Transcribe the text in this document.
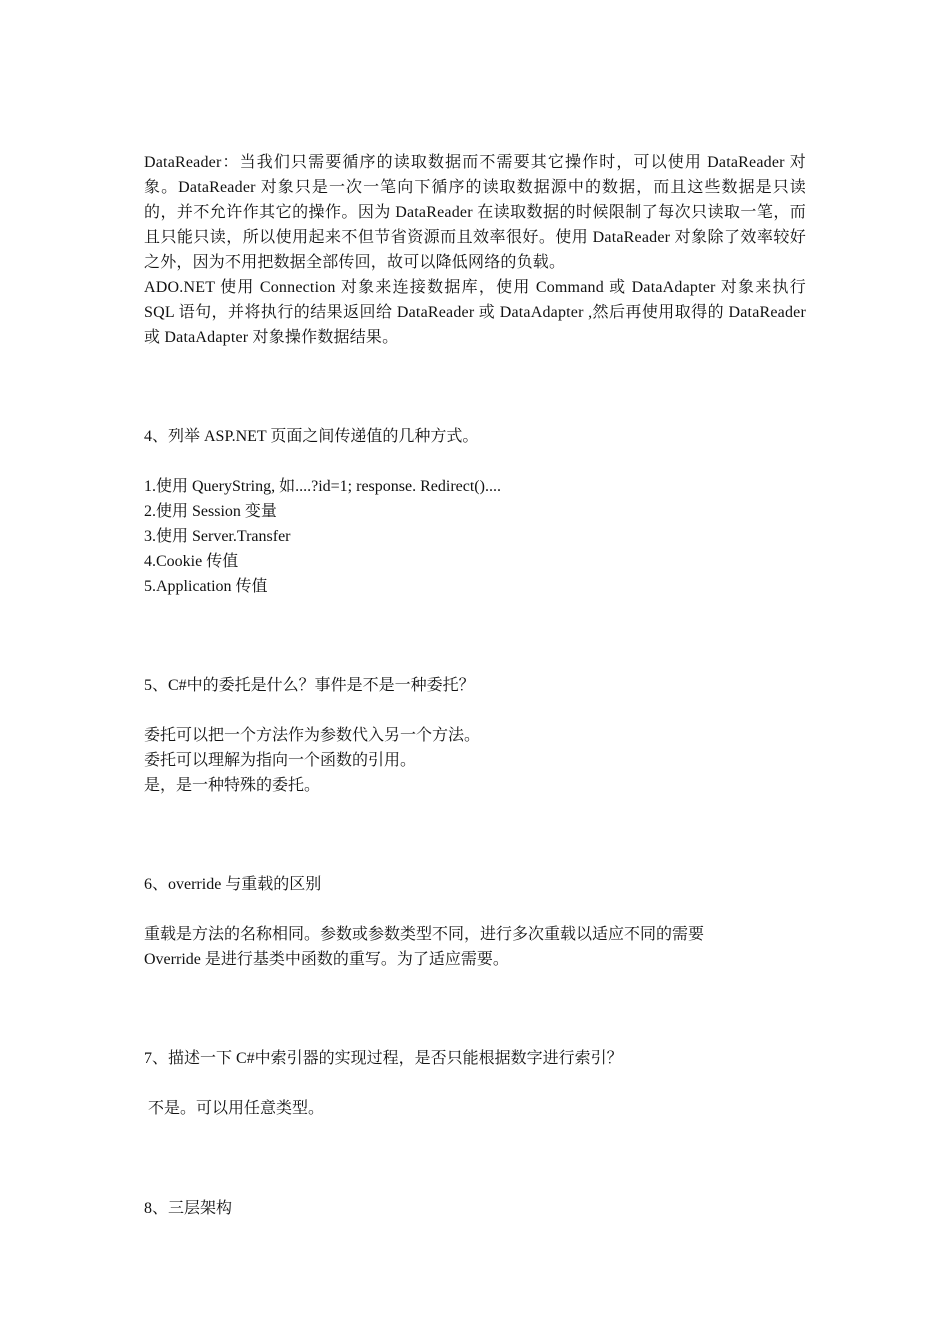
DataReader：当我们只需要循序的读取数据而不需要其它操作时，可以使用 DataReader 对象。DataReader 对象只是一次一笔向下循序的读取数据源中的数据，而且这些数据是只读的，并不允许作其它的操作。因为 DataReader 在读取数据的时候限制了每次只读取一笔，而且只能只读，所以使用起来不但节省资源而且效率很好。使用 DataReader 对象除了效率较好之外，因为不用把数据全部传回，故可以降低网络的负载。

ADO.NET 使用 Connection 对象来连接数据库，使用 Command 或 DataAdapter 对象来执行 SQL 语句，并将执行的结果返回给 DataReader 或 DataAdapter ,然后再使用取得的 DataReader 或 DataAdapter 对象操作数据结果。

4、列举 ASP.NET 页面之间传递值的几种方式。

1.使用 QueryString, 如....?id=1; response. Redirect()....
2.使用 Session 变量
3.使用 Server.Transfer
4.Cookie 传值
5.Application 传值

5、C#中的委托是什么？事件是不是一种委托？

委托可以把一个方法作为参数代入另一个方法。
委托可以理解为指向一个函数的引用。
是，是一种特殊的委托。

6、override 与重载的区别

重载是方法的名称相同。参数或参数类型不同，进行多次重载以适应不同的需要
Override 是进行基类中函数的重写。为了适应需要。

7、描述一下 C#中索引器的实现过程，是否只能根据数字进行索引？

不是。可以用任意类型。

8、三层架构
